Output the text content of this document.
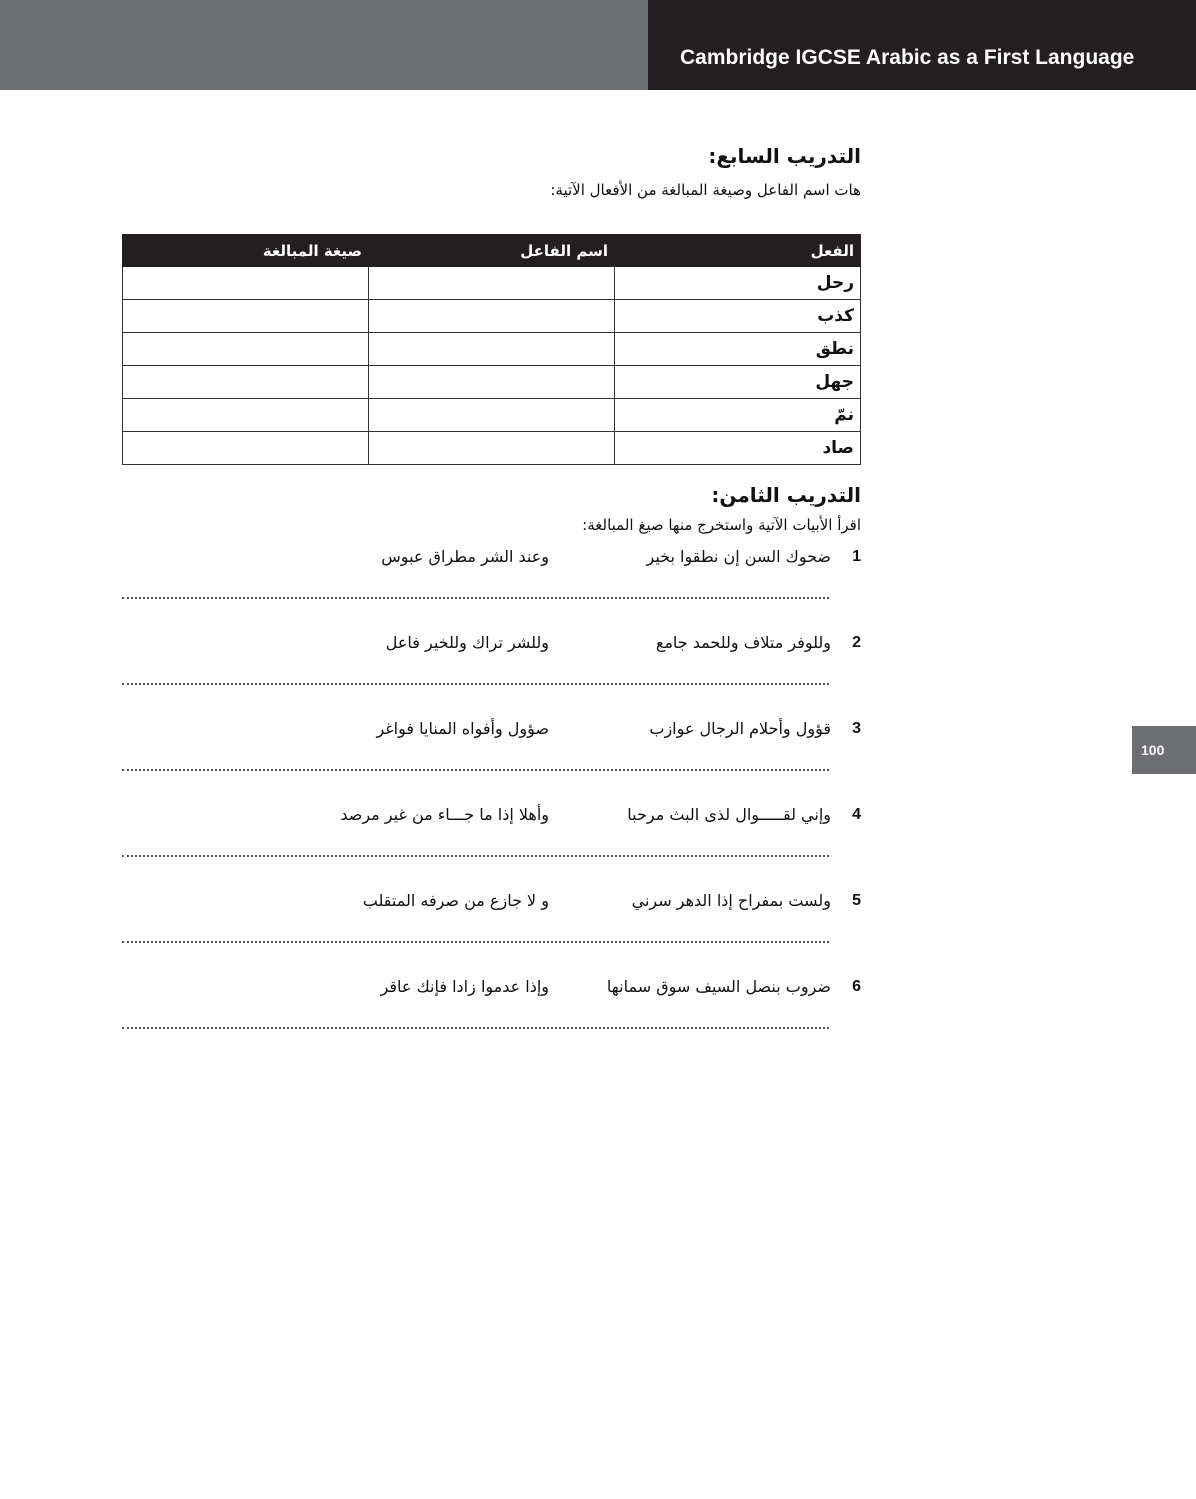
Cambridge IGCSE Arabic as a First Language
التدريب السابع:

هات اسم الفاعل وصيغة المبالغة من الأفعال الآتية:

الفعل	اسم الفاعل	صيغة المبالغة
رحل		
كذب		
نطق		
جهل		
نمّ		
صاد		
التدريب الثامن:

اقرأ الأبيات الآتية واستخرج منها صيغ المبالغة:

1
ضحوك السن إن نطقوا بخير
وعند الشر مطراق عبوس
2
وللوفر متلاف وللحمد جامع
وللشر تراك وللخير فاعل
3
قؤول وأحلام الرجال عوازب
صؤول وأفواه المنايا فواغر
4
وإني لقـــــوال لذى البث مرحبا
وأهلا إذا ما جـــاء من غير مرصد
5
ولست بمفراح إذا الدهر سرني
و لا جازع من صرفه المتقلب
6
ضروب بنصل السيف سوق سمانها
وإذا عدموا زادا فإنك عاقر
100
